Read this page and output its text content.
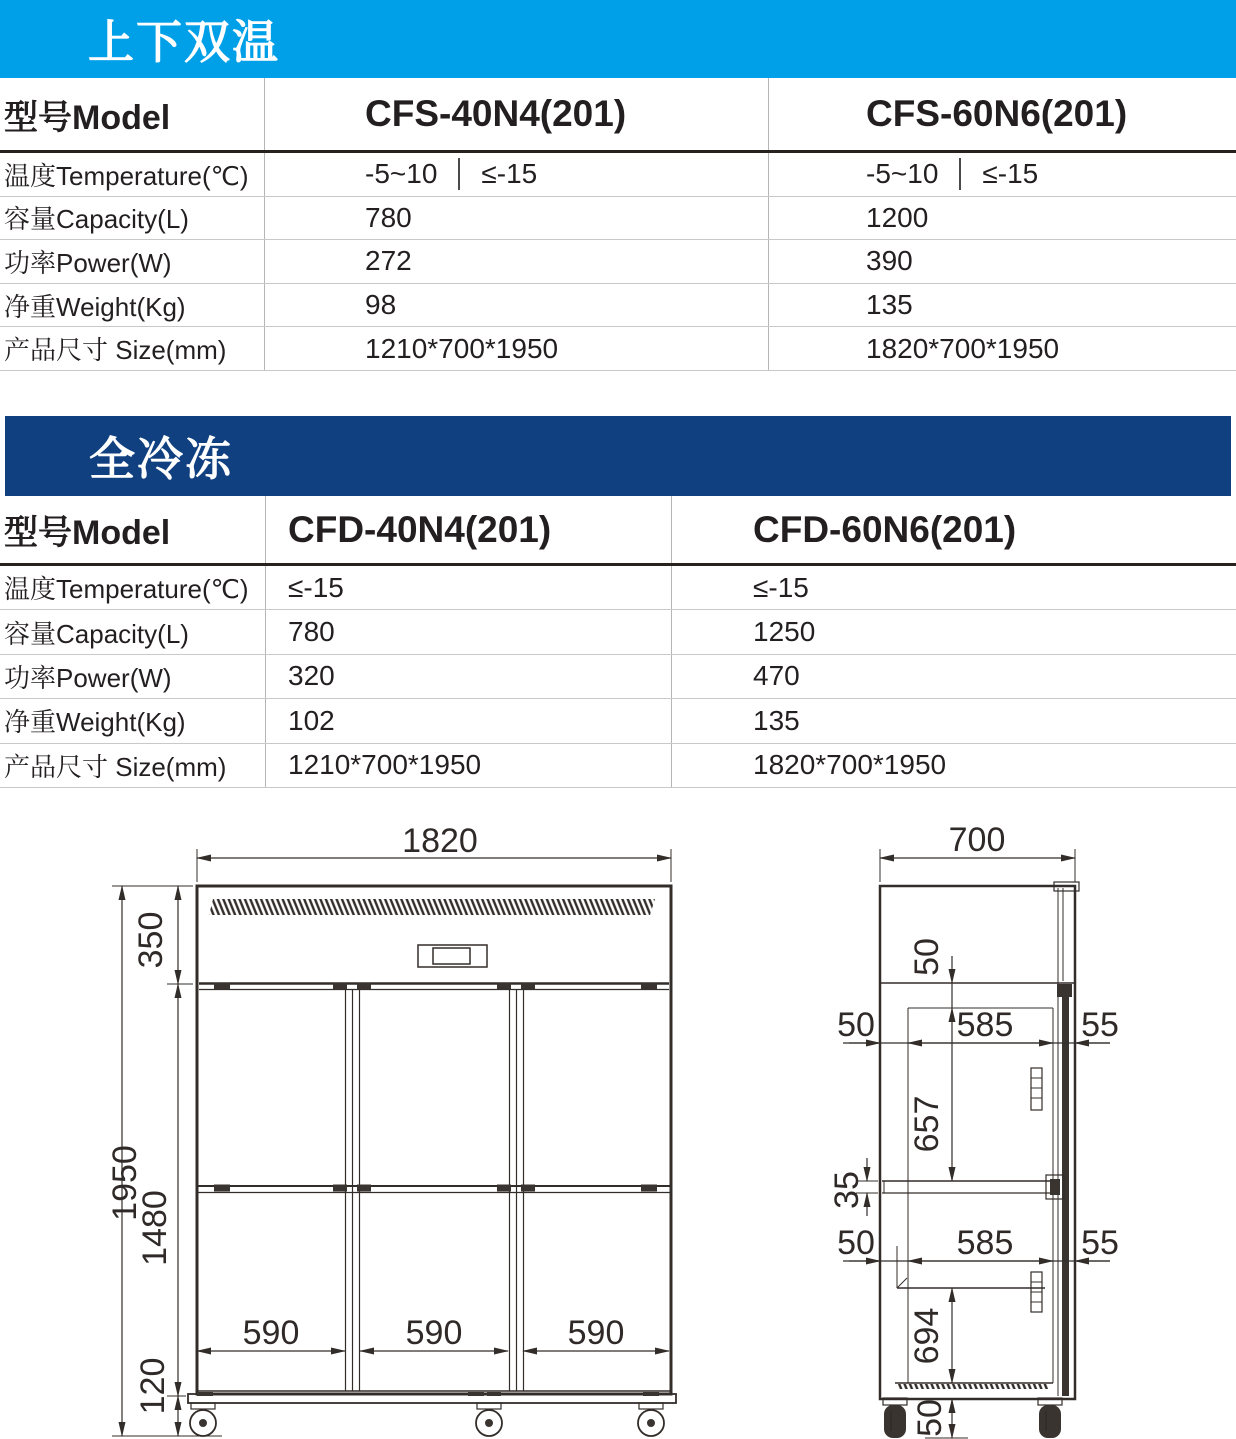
上下双温
型号Model	CFS-40N4(201)	CFS-60N6(201)
温度Temperature(℃)	-5~10 ≤-15	-5~10 ≤-15
容量Capacity(L)	780	1200
功率Power(W)	272	390
净重Weight(Kg)	98	135
产品尺寸 Size(mm)	1210*700*1950	1820*700*1950
全冷冻
型号Model	CFD-40N4(201)	CFD-60N6(201)
温度Temperature(℃)	≤-15	≤-15
容量Capacity(L)	780	1250
功率Power(W)	320	470
净重Weight(Kg)	102	135
产品尺寸 Size(mm)	1210*700*1950	1820*700*1950
1820
1950
350
1480
120
590	590	590
700
50 585 55
50 585 55
50
657
35
694
50
